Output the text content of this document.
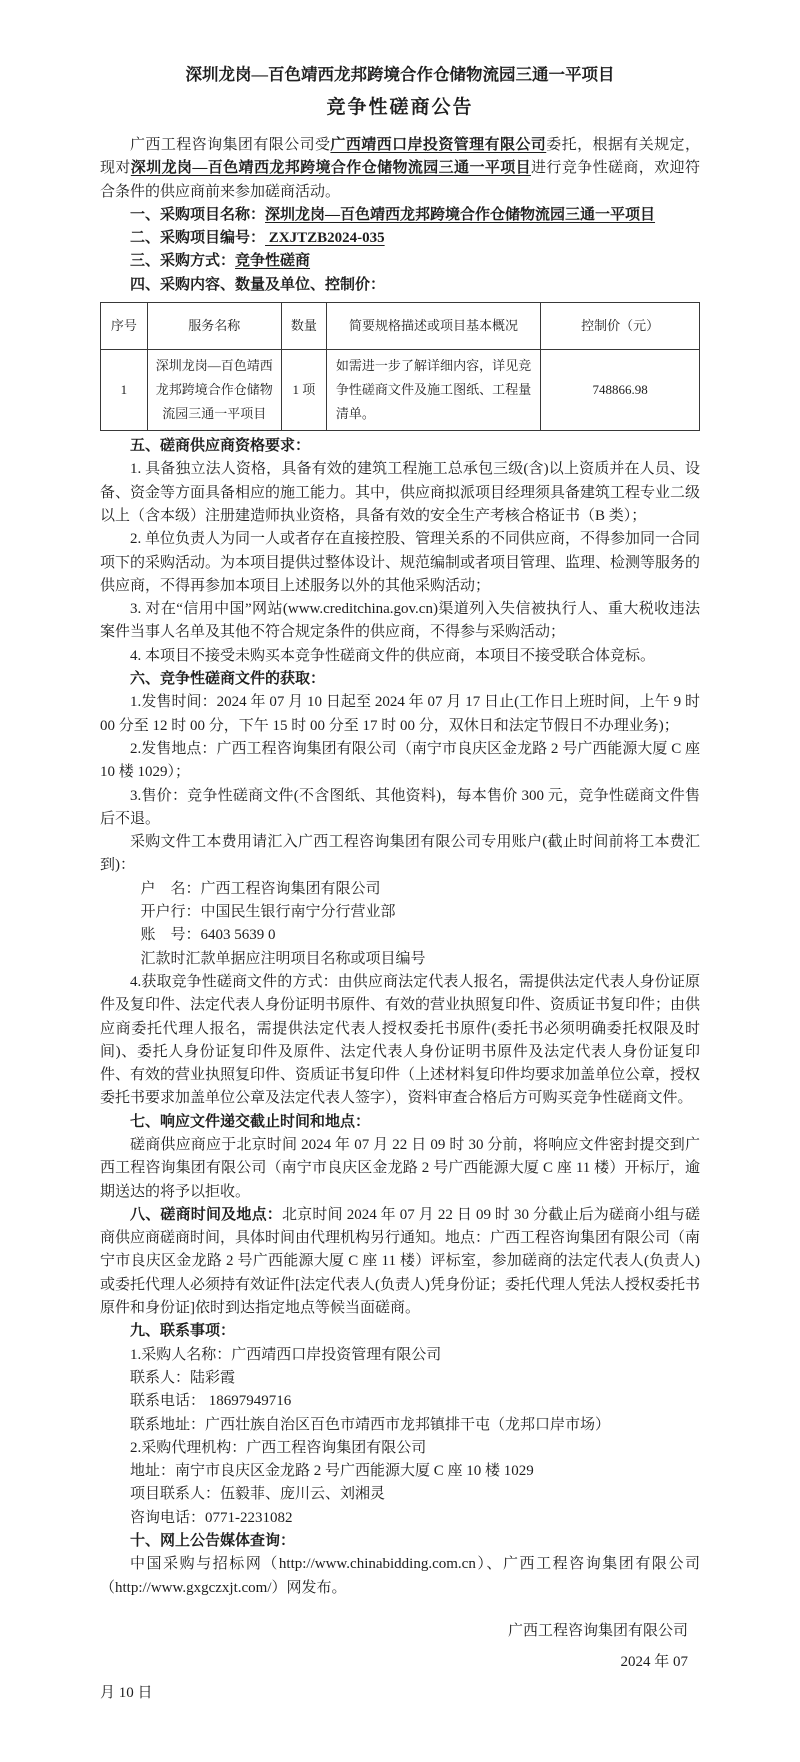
深圳龙岗—百色靖西龙邦跨境合作仓储物流园三通一平项目
竞争性磋商公告

广西工程咨询集团有限公司受广西靖西口岸投资管理有限公司委托，根据有关规定，现对深圳龙岗—百色靖西龙邦跨境合作仓储物流园三通一平项目进行竞争性磋商，欢迎符合条件的供应商前来参加磋商活动。

一、采购项目名称：深圳龙岗—百色靖西龙邦跨境合作仓储物流园三通一平项目

二、采购项目编号： ZXJTZB2024-035

三、采购方式：竞争性磋商

四、采购内容、数量及单位、控制价：

序号	服务名称	数量	简要规格描述或项目基本概况	控制价（元）
1	深圳龙岗—百色靖西龙邦跨境合作仓储物流园三通一平项目	1 项	如需进一步了解详细内容，详见竞争性磋商文件及施工图纸、工程量清单。	748866.98

五、磋商供应商资格要求：

1. 具备独立法人资格，具备有效的建筑工程施工总承包三级(含)以上资质并在人员、设备、资金等方面具备相应的施工能力。其中，供应商拟派项目经理须具备建筑工程专业二级以上（含本级）注册建造师执业资格，具备有效的安全生产考核合格证书（B 类）；

2. 单位负责人为同一人或者存在直接控股、管理关系的不同供应商，不得参加同一合同项下的采购活动。为本项目提供过整体设计、规范编制或者项目管理、监理、检测等服务的供应商，不得再参加本项目上述服务以外的其他采购活动；

3. 对在“信用中国”网站(www.creditchina.gov.cn)渠道列入失信被执行人、重大税收违法案件当事人名单及其他不符合规定条件的供应商，不得参与采购活动；

4. 本项目不接受未购买本竞争性磋商文件的供应商，本项目不接受联合体竞标。

六、竞争性磋商文件的获取：

1.发售时间：2024 年 07 月 10 日起至 2024 年 07 月 17 日止(工作日上班时间，上午 9 时 00 分至 12 时 00 分，下午 15 时 00 分至 17 时 00 分，双休日和法定节假日不办理业务)；

2.发售地点：广西工程咨询集团有限公司（南宁市良庆区金龙路 2 号广西能源大厦 C 座 10 楼 1029）；

3.售价：竞争性磋商文件(不含图纸、其他资料)，每本售价 300 元，竞争性磋商文件售后不退。

采购文件工本费用请汇入广西工程咨询集团有限公司专用账户(截止时间前将工本费汇到)：

户　名：广西工程咨询集团有限公司

开户行：中国民生银行南宁分行营业部

账　号：6403 5639 0

汇款时汇款单据应注明项目名称或项目编号

4.获取竞争性磋商文件的方式：由供应商法定代表人报名，需提供法定代表人身份证原件及复印件、法定代表人身份证明书原件、有效的营业执照复印件、资质证书复印件；由供应商委托代理人报名，需提供法定代表人授权委托书原件(委托书必须明确委托权限及时间)、委托人身份证复印件及原件、法定代表人身份证明书原件及法定代表人身份证复印件、有效的营业执照复印件、资质证书复印件（上述材料复印件均要求加盖单位公章，授权委托书要求加盖单位公章及法定代表人签字），资料审查合格后方可购买竞争性磋商文件。

七、响应文件递交截止时间和地点：

磋商供应商应于北京时间 2024 年 07 月 22 日 09 时 30 分前，将响应文件密封提交到广西工程咨询集团有限公司（南宁市良庆区金龙路 2 号广西能源大厦 C 座 11 楼）开标厅，逾期送达的将予以拒收。

八、磋商时间及地点：北京时间 2024 年 07 月 22 日 09 时 30 分截止后为磋商小组与磋商供应商磋商时间，具体时间由代理机构另行通知。地点：广西工程咨询集团有限公司（南宁市良庆区金龙路 2 号广西能源大厦 C 座 11 楼）评标室，参加磋商的法定代表人(负责人)或委托代理人必须持有效证件[法定代表人(负责人)凭身份证；委托代理人凭法人授权委托书原件和身份证]依时到达指定地点等候当面磋商。

九、联系事项：

1.采购人名称：广西靖西口岸投资管理有限公司

联系人：陆彩霞

联系电话： 18697949716

联系地址：广西壮族自治区百色市靖西市龙邦镇排干屯（龙邦口岸市场）

2.采购代理机构：广西工程咨询集团有限公司

地址：南宁市良庆区金龙路 2 号广西能源大厦 C 座 10 楼 1029

项目联系人：伍毅菲、庞川云、刘湘灵

咨询电话：0771-2231082

十、网上公告媒体查询：

中国采购与招标网（http://www.chinabidding.com.cn）、广西工程咨询集团有限公司（http://www.gxgczxjt.com/）网发布。

广西工程咨询集团有限公司

2024 年 07

月 10 日
